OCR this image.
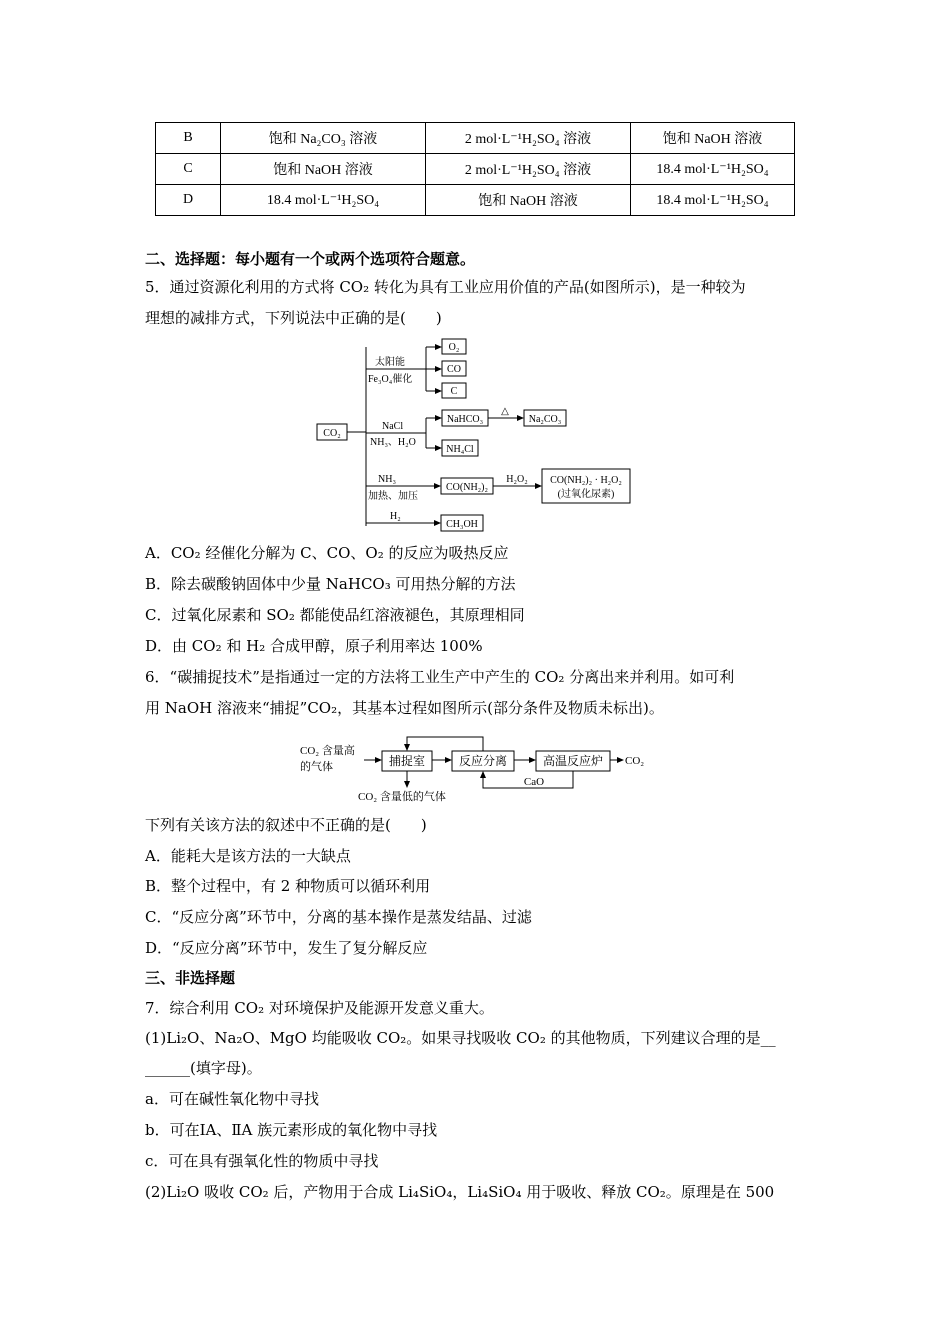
B	饱和 Na₂CO₃ 溶液	2 mol·L⁻¹H₂SO₄ 溶液	饱和 NaOH 溶液
C	饱和 NaOH 溶液	2 mol·L⁻¹H₂SO₄ 溶液	18.4 mol·L⁻¹H₂SO₄
D	18.4 mol·L⁻¹H₂SO₄	饱和 NaOH 溶液	18.4 mol·L⁻¹H₂SO₄
二、选择题：每小题有一个或两个选项符合题意。
5．通过资源化利用的方式将 CO₂ 转化为具有工业应用价值的产品(如图所示)，是一种较为
理想的减排方式，下列说法中正确的是(　　)
CO₂
太阳能
Fe₃O₄催化
O₂
CO
C
NaCl
NH₃、H₂O
NaHCO₃
NH₄Cl
△
Na₂CO₃
NH₃
加热、加压
CO(NH₂)₂
H₂O₂ CO(NH₂)₂ · H₂O₂
(过氧化尿素)
H₂
CH₃OH
A．CO₂ 经催化分解为 C、CO、O₂ 的反应为吸热反应
B．除去碳酸钠固体中少量 NaHCO₃ 可用热分解的方法
C．过氧化尿素和 SO₂ 都能使品红溶液褪色，其原理相同
D．由 CO₂ 和 H₂ 合成甲醇，原子利用率达 100%
6．“碳捕捉技术”是指通过一定的方法将工业生产中产生的 CO₂ 分离出来并利用。如可利
用 NaOH 溶液来“捕捉”CO₂，其基本过程如图所示(部分条件及物质未标出)。
CO₂ 含量高
的气体	捕捉室	反应分离	高温反应炉 CO₂
CaO
CO₂ 含量低的气体
下列有关该方法的叙述中不正确的是(　　)
A．能耗大是该方法的一大缺点
B．整个过程中，有 2 种物质可以循环利用
C．“反应分离”环节中，分离的基本操作是蒸发结晶、过滤
D．“反应分离”环节中，发生了复分解反应
三、非选择题
7．综合利用 CO₂ 对环境保护及能源开发意义重大。
(1)Li₂O、Na₂O、MgO 均能吸收 CO₂。如果寻找吸收 CO₂ 的其他物质，下列建议合理的是__
______(填字母)。
a．可在碱性氧化物中寻找
b．可在ⅠA、ⅡA 族元素形成的氧化物中寻找
c．可在具有强氧化性的物质中寻找
(2)Li₂O 吸收 CO₂ 后，产物用于合成 Li₄SiO₄，Li₄SiO₄ 用于吸收、释放 CO₂。原理是在 500
